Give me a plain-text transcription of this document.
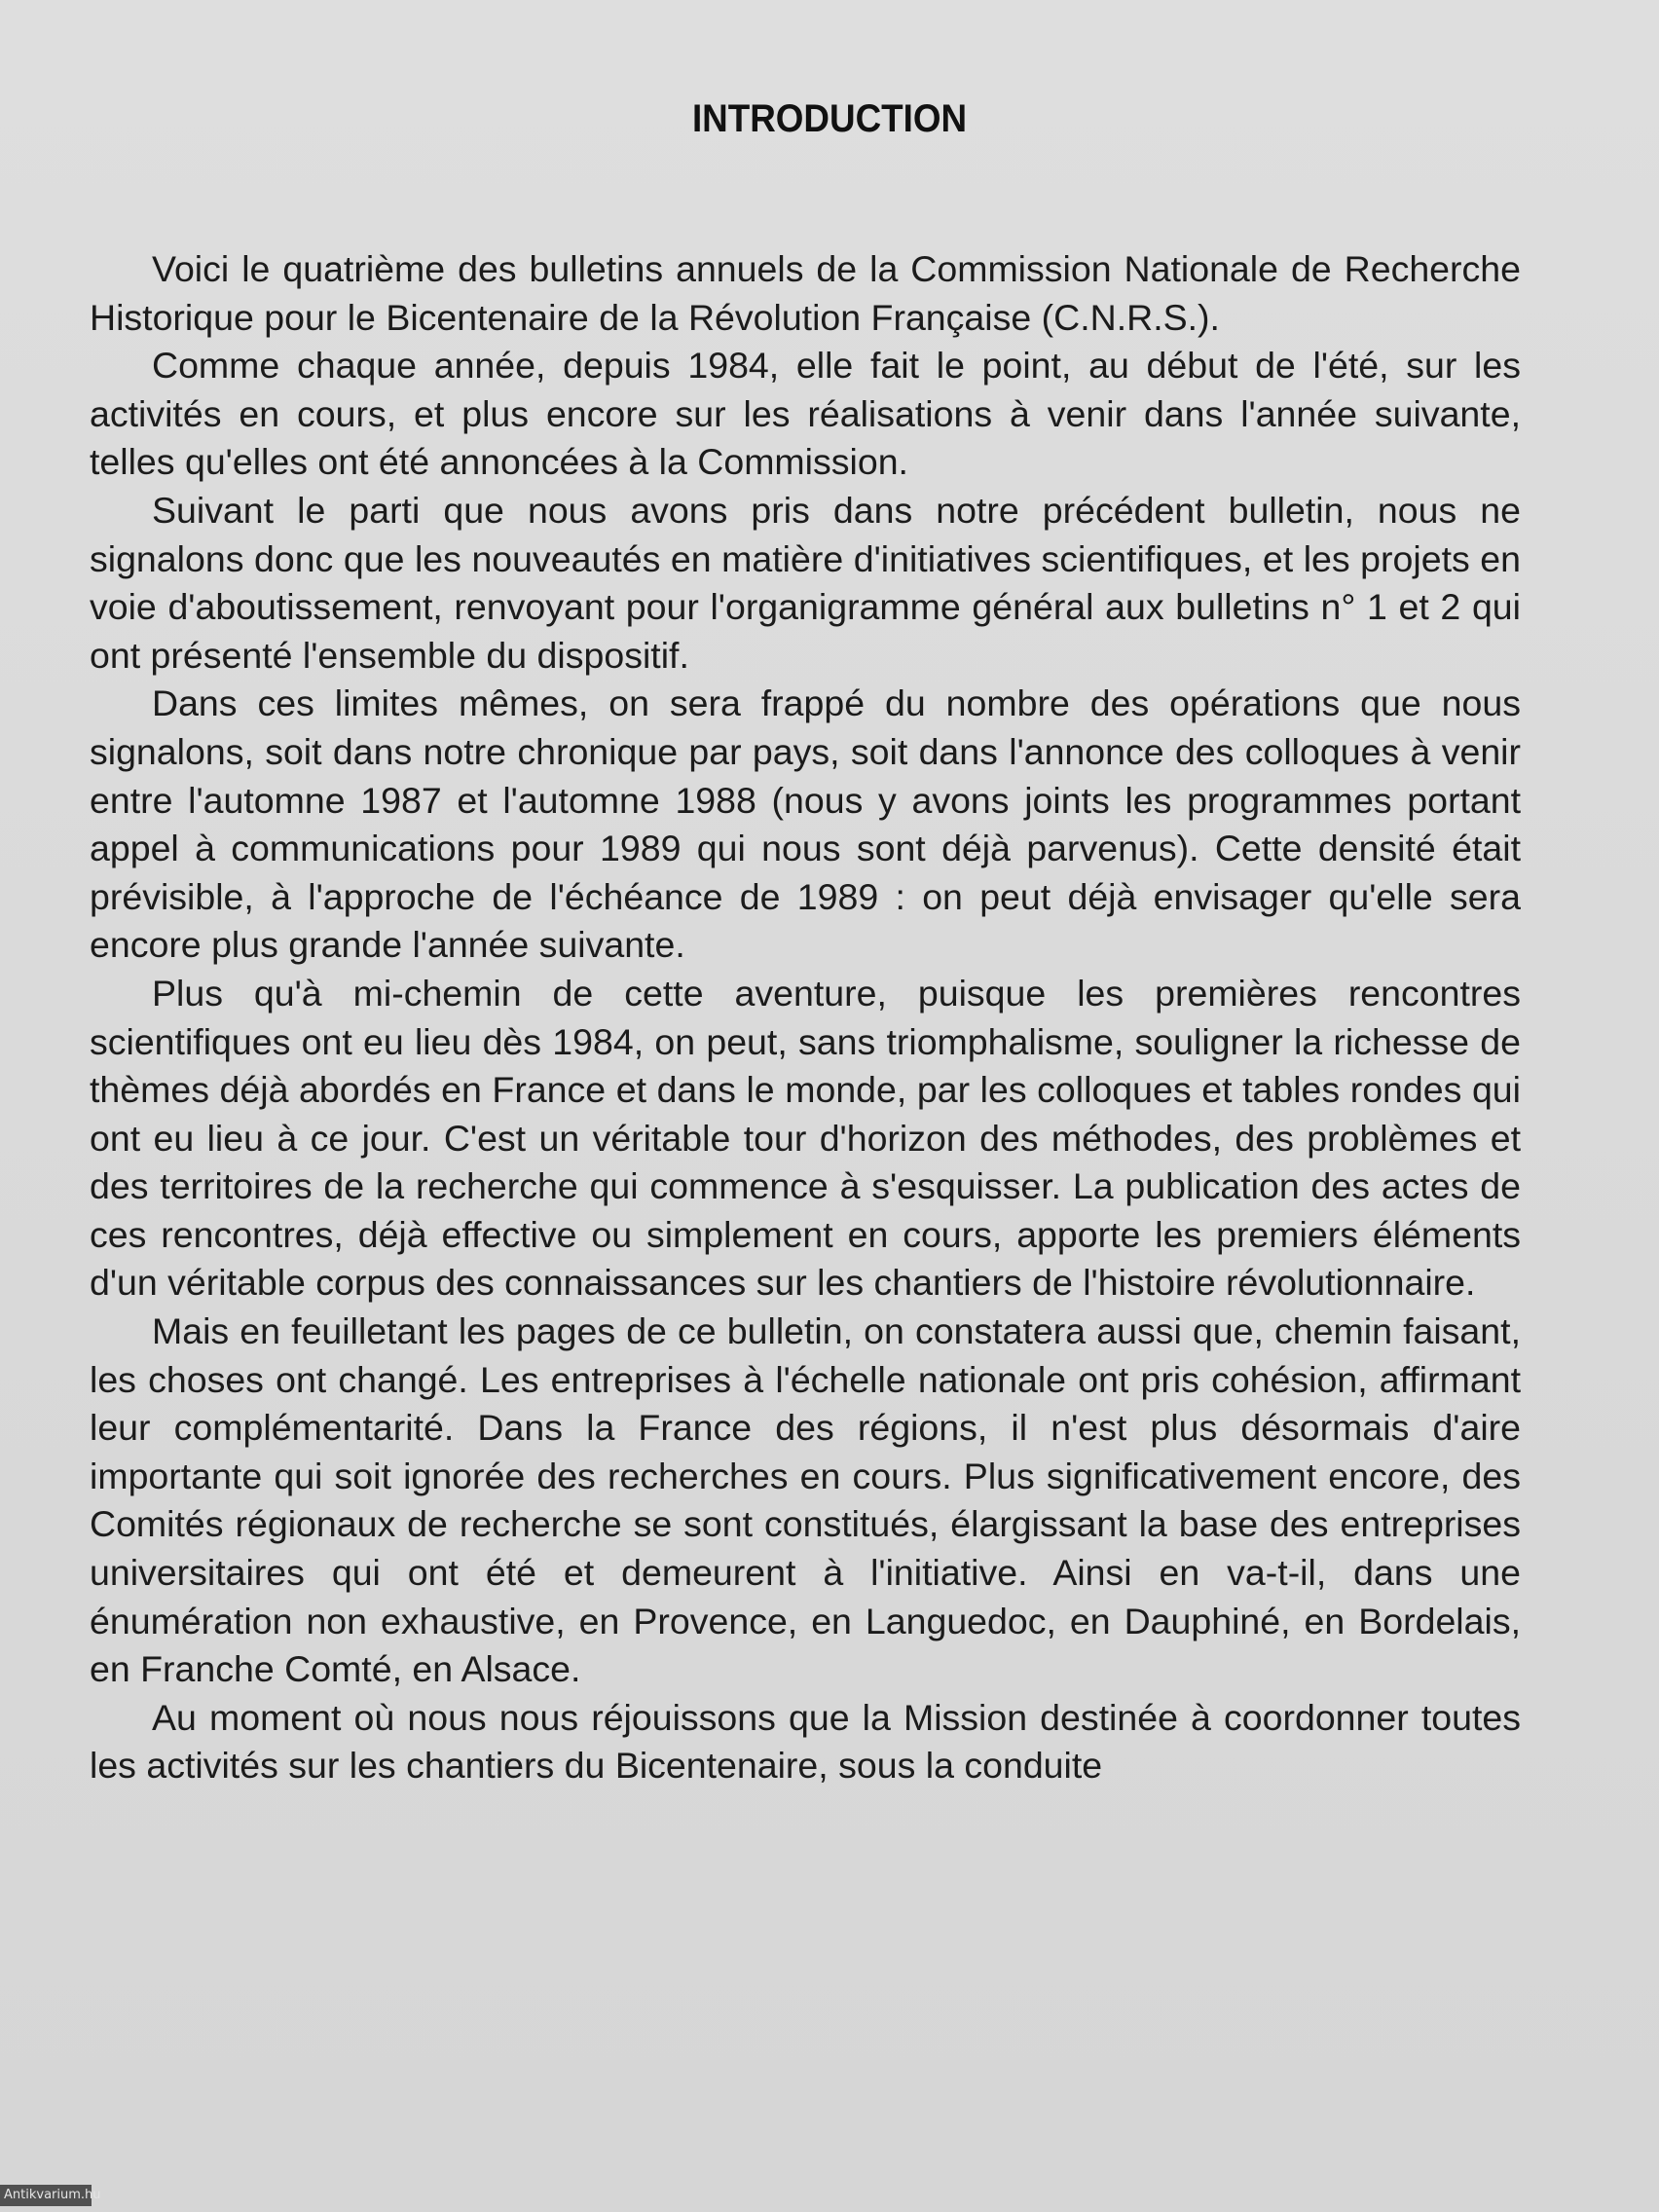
INTRODUCTION

Voici le quatrième des bulletins annuels de la Commission Nationale de Recherche Historique pour le Bicentenaire de la Révolution Française (C.N.R.S.).

Comme chaque année, depuis 1984, elle fait le point, au début de l'été, sur les activités en cours, et plus encore sur les réalisations à venir dans l'année suivante, telles qu'elles ont été annoncées à la Commission.

Suivant le parti que nous avons pris dans notre précédent bulletin, nous ne signalons donc que les nouveautés en matière d'initiatives scientifiques, et les projets en voie d'aboutissement, renvoyant pour l'organigramme général aux bulletins n° 1 et 2 qui ont présenté l'ensemble du dispositif.

Dans ces limites mêmes, on sera frappé du nombre des opérations que nous signalons, soit dans notre chronique par pays, soit dans l'annonce des colloques à venir entre l'automne 1987 et l'automne 1988 (nous y avons joints les programmes portant appel à communications pour 1989 qui nous sont déjà parvenus). Cette densité était prévisible, à l'approche de l'échéance de 1989 : on peut déjà envisager qu'elle sera encore plus grande l'année suivante.

Plus qu'à mi-chemin de cette aventure, puisque les premières rencontres scientifiques ont eu lieu dès 1984, on peut, sans triomphalisme, souligner la richesse de thèmes déjà abordés en France et dans le monde, par les colloques et tables rondes qui ont eu lieu à ce jour. C'est un véritable tour d'horizon des méthodes, des problèmes et des territoires de la recherche qui commence à s'esquisser. La publication des actes de ces rencontres, déjà effective ou simplement en cours, apporte les premiers éléments d'un véritable corpus des connaissances sur les chantiers de l'histoire révolutionnaire.

Mais en feuilletant les pages de ce bulletin, on constatera aussi que, chemin faisant, les choses ont changé. Les entreprises à l'échelle nationale ont pris cohésion, affirmant leur complémentarité. Dans la France des régions, il n'est plus désormais d'aire importante qui soit ignorée des recherches en cours. Plus significativement encore, des Comités régionaux de recherche se sont constitués, élargissant la base des entreprises universitaires qui ont été et demeurent à l'initiative. Ainsi en va-t-il, dans une énumération non exhaustive, en Provence, en Languedoc, en Dauphiné, en Bordelais, en Franche Comté, en Alsace.

Au moment où nous nous réjouissons que la Mission destinée à coordonner toutes les activités sur les chantiers du Bicentenaire, sous la conduite

Antikvarium.hu
